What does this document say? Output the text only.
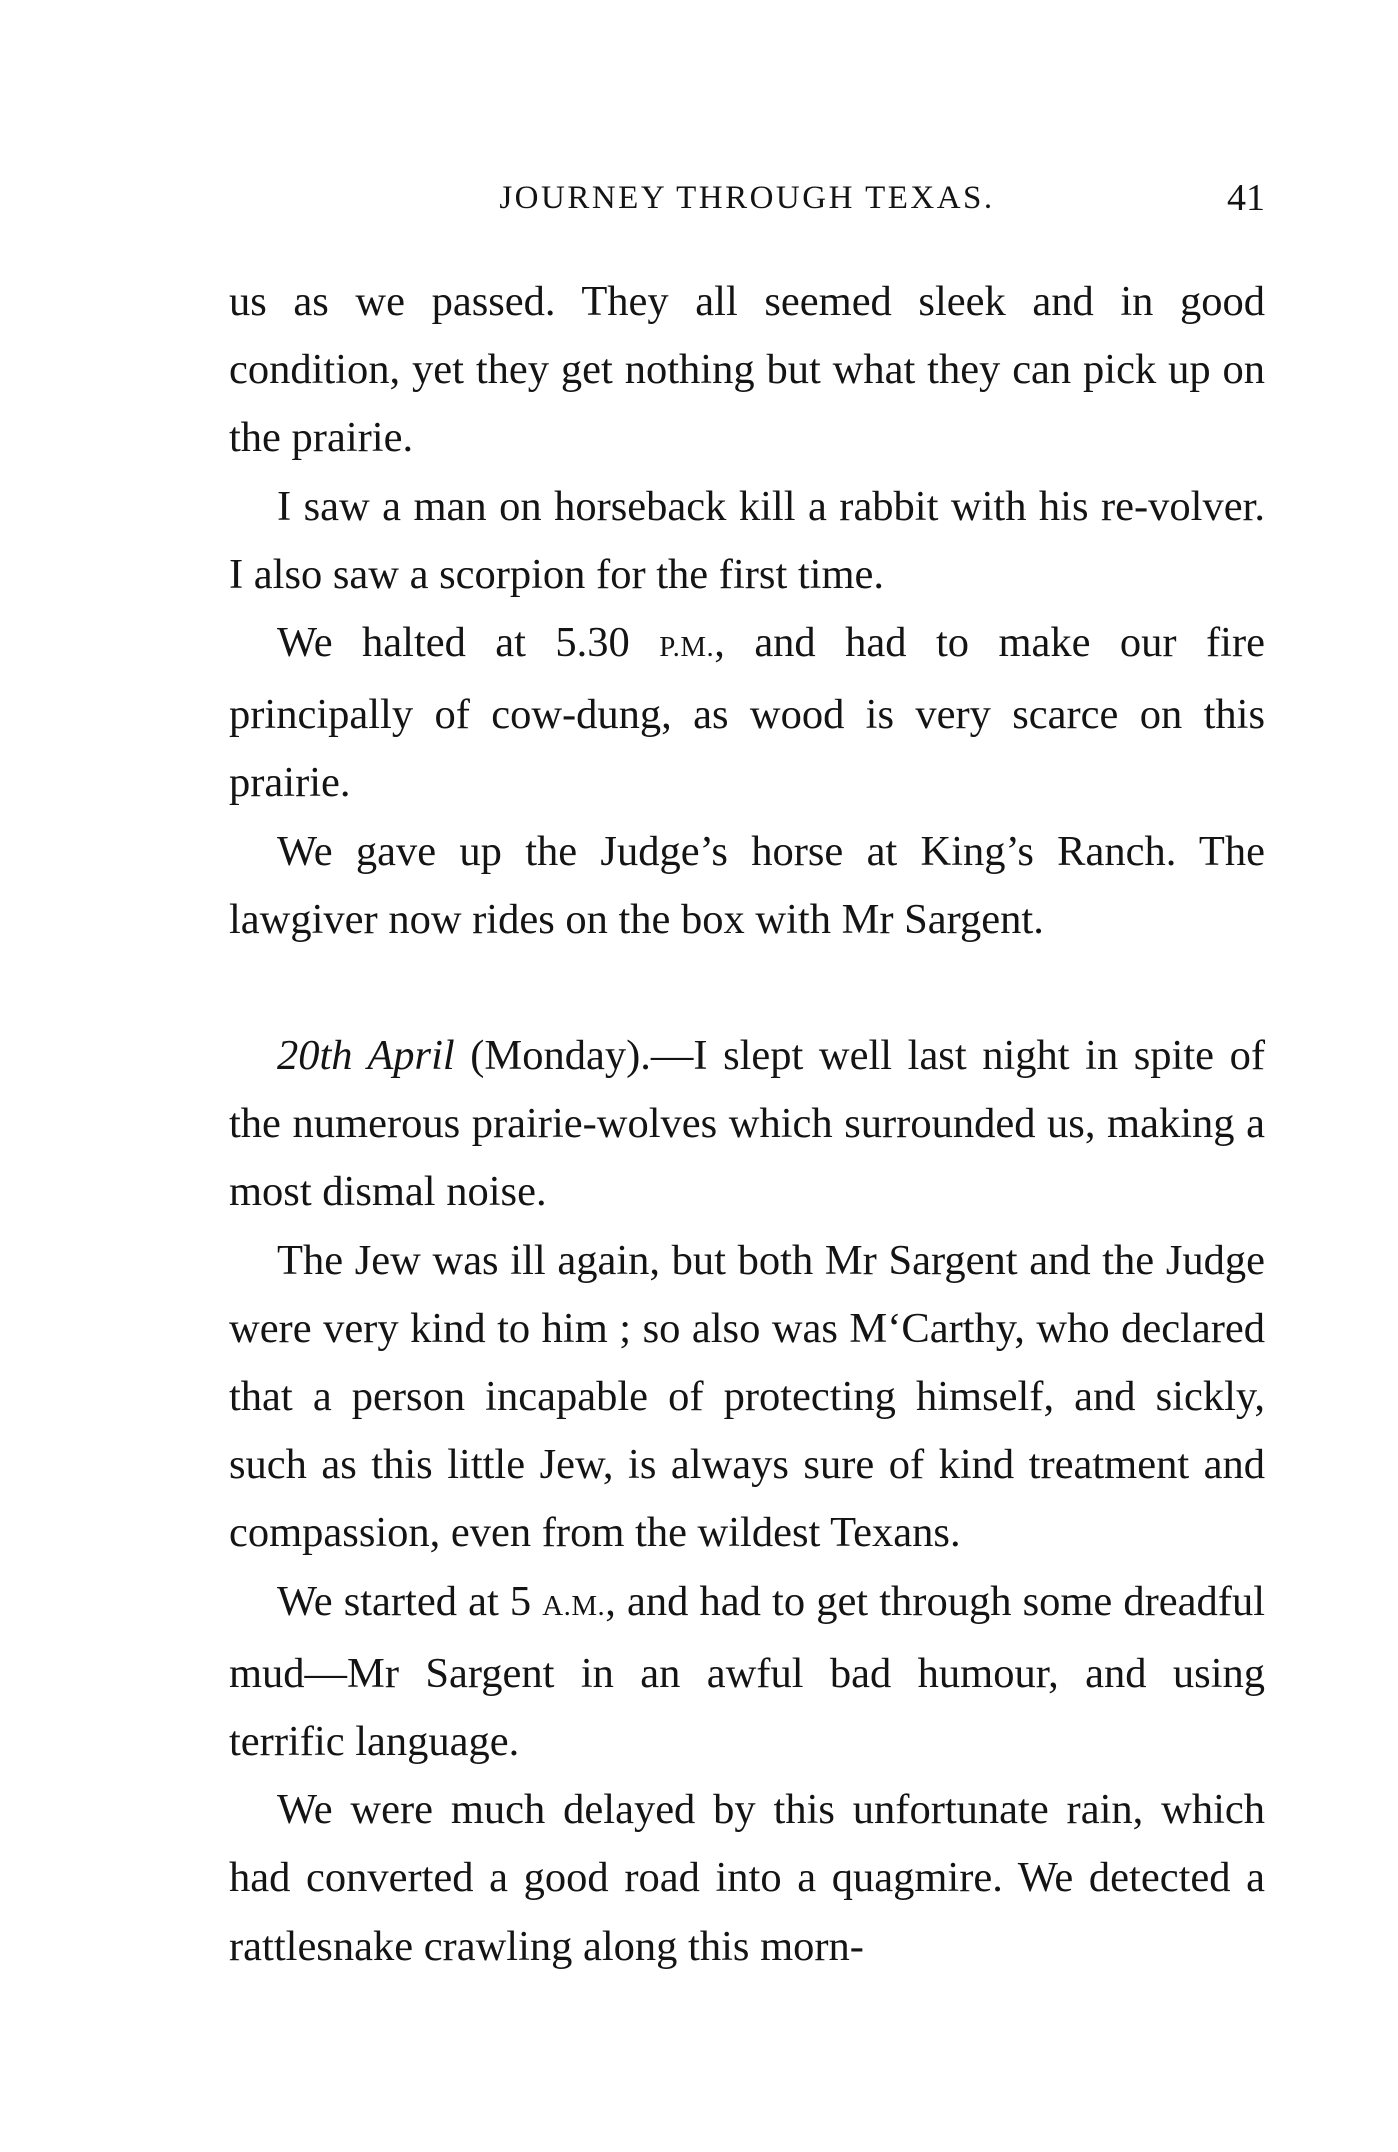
JOURNEY THROUGH TEXAS.	41

us as we passed. They all seemed sleek and in good condition, yet they get nothing but what they can pick up on the prairie.

I saw a man on horseback kill a rabbit with his re-volver. I also saw a scorpion for the first time.

We halted at 5.30 P.M., and had to make our fire principally of cow-dung, as wood is very scarce on this prairie.

We gave up the Judge’s horse at King’s Ranch. The lawgiver now rides on the box with Mr Sargent.

20th April (Monday).—I slept well last night in spite of the numerous prairie-wolves which surrounded us, making a most dismal noise.

The Jew was ill again, but both Mr Sargent and the Judge were very kind to him ; so also was M‘Carthy, who declared that a person incapable of protecting himself, and sickly, such as this little Jew, is always sure of kind treatment and compassion, even from the wildest Texans.

We started at 5 A.M., and had to get through some dreadful mud—Mr Sargent in an awful bad humour, and using terrific language.

We were much delayed by this unfortunate rain, which had converted a good road into a quagmire. We detected a rattlesnake crawling along this morn-
